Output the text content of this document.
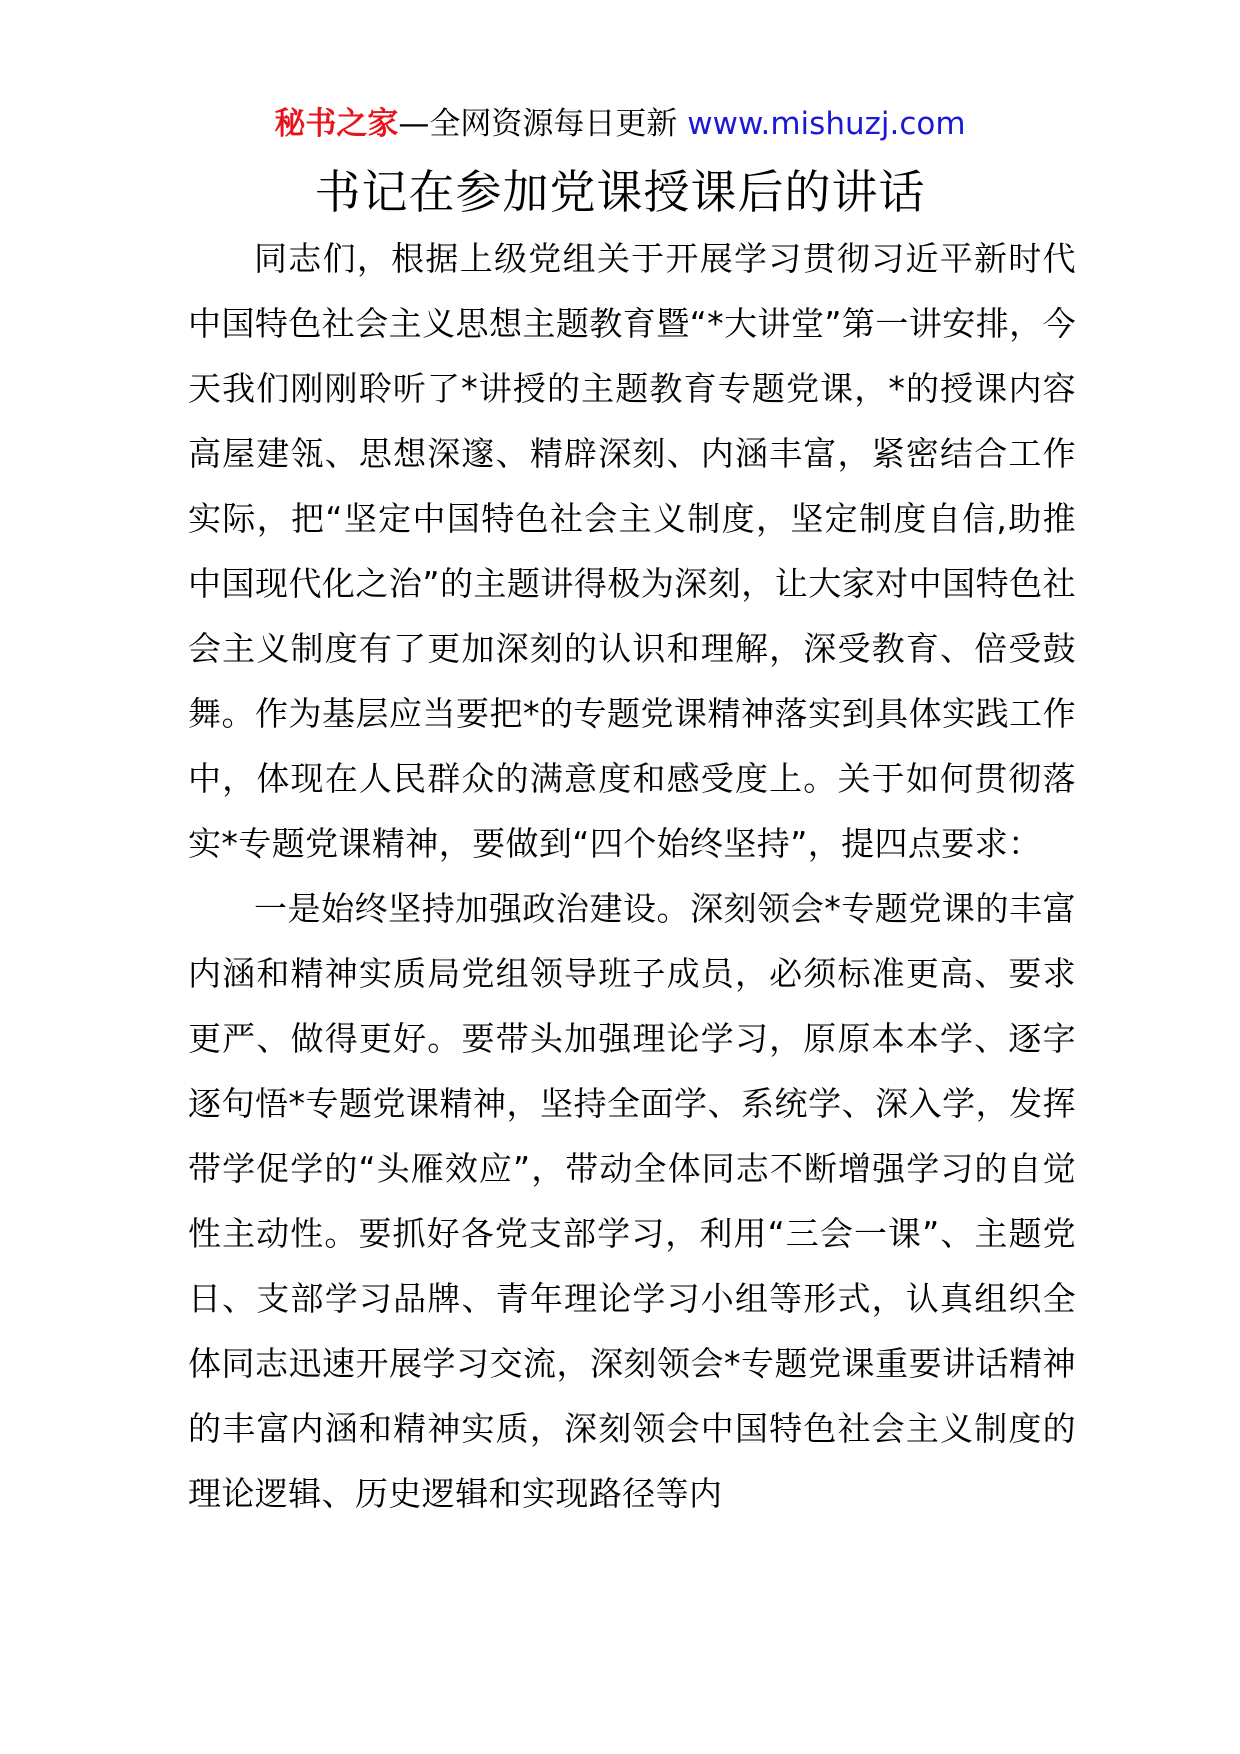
秘书之家—全网资源每日更新 www.mishuzj.com
书记在参加党课授课后的讲话

同志们，根据上级党组关于开展学习贯彻习近平新时代中国特色社会主义思想主题教育暨“*大讲堂”第一讲安排，今天我们刚刚聆听了*讲授的主题教育专题党课，*的授课内容高屋建瓴、思想深邃、精辟深刻、内涵丰富，紧密结合工作实际，把“坚定中国特色社会主义制度，坚定制度自信,助推中国现代化之治”的主题讲得极为深刻，让大家对中国特色社会主义制度有了更加深刻的认识和理解，深受教育、倍受鼓舞。作为基层应当要把*的专题党课精神落实到具体实践工作中，体现在人民群众的满意度和感受度上。关于如何贯彻落实*专题党课精神，要做到“四个始终坚持”，提四点要求：

一是始终坚持加强政治建设。深刻领会*专题党课的丰富内涵和精神实质局党组领导班子成员，必须标准更高、要求更严、做得更好。要带头加强理论学习，原原本本学、逐字逐句悟*专题党课精神，坚持全面学、系统学、深入学，发挥带学促学的“头雁效应”，带动全体同志不断增强学习的自觉性主动性。要抓好各党支部学习，利用“三会一课”、主题党日、支部学习品牌、青年理论学习小组等形式，认真组织全体同志迅速开展学习交流，深刻领会*专题党课重要讲话精神的丰富内涵和精神实质，深刻领会中国特色社会主义制度的理论逻辑、历史逻辑和实现路径等内
